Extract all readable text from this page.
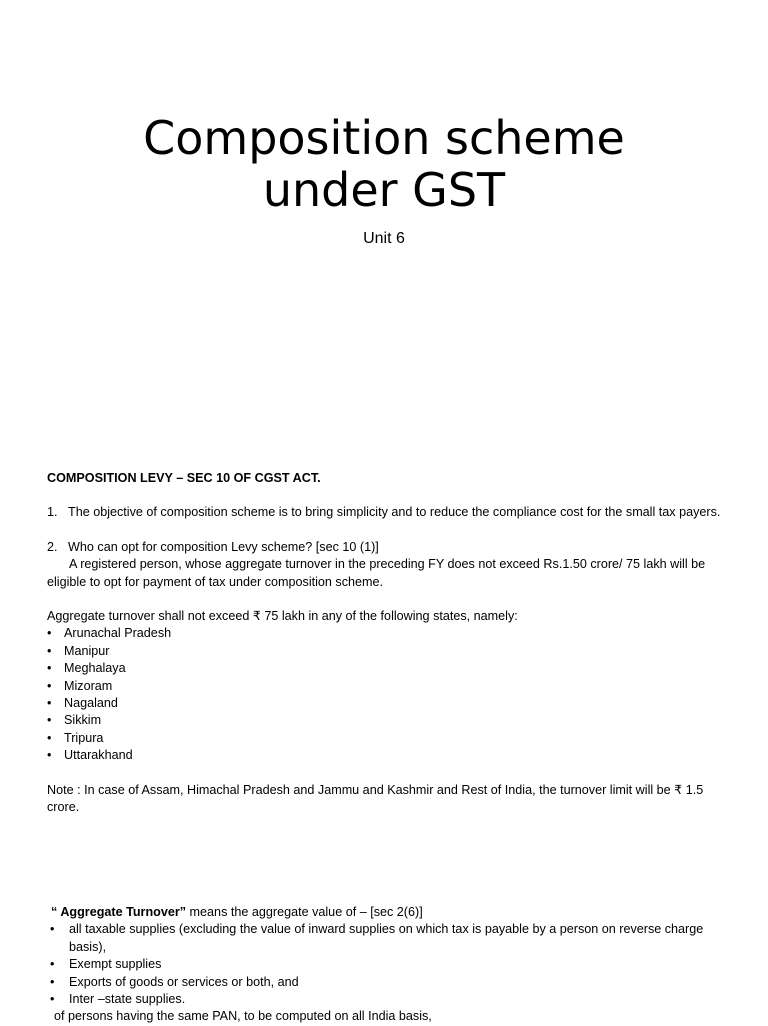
Composition scheme
under GST
Unit 6

COMPOSITION LEVY – SEC 10 OF CGST ACT.

1. The objective of composition scheme is to bring simplicity and to reduce the compliance cost for the small tax payers.
2. Who can opt for composition Levy scheme? [sec 10 (1)]

A registered person, whose aggregate turnover in the preceding FY does not exceed Rs.1.50 crore/ 75 lakh will be eligible to opt for payment of tax under composition scheme.

Aggregate turnover shall not exceed ₹ 75 lakh in any of the following states, namely:

• Arunachal Pradesh
• Manipur
• Meghalaya
• Mizoram
• Nagaland
• Sikkim
• Tripura
• Uttarakhand

Note : In case of Assam, Himachal Pradesh and Jammu and Kashmir and Rest of India, the turnover limit will be ₹ 1.5 crore.

“ Aggregate Turnover” means the aggregate value of – [sec 2(6)]

• all taxable supplies (excluding the value of inward supplies on which tax is payable by a person on reverse charge basis),
• Exempt supplies
• Exports of goods or services or both, and
• Inter –state supplies.

of persons having the same PAN, to be computed on all India basis,
